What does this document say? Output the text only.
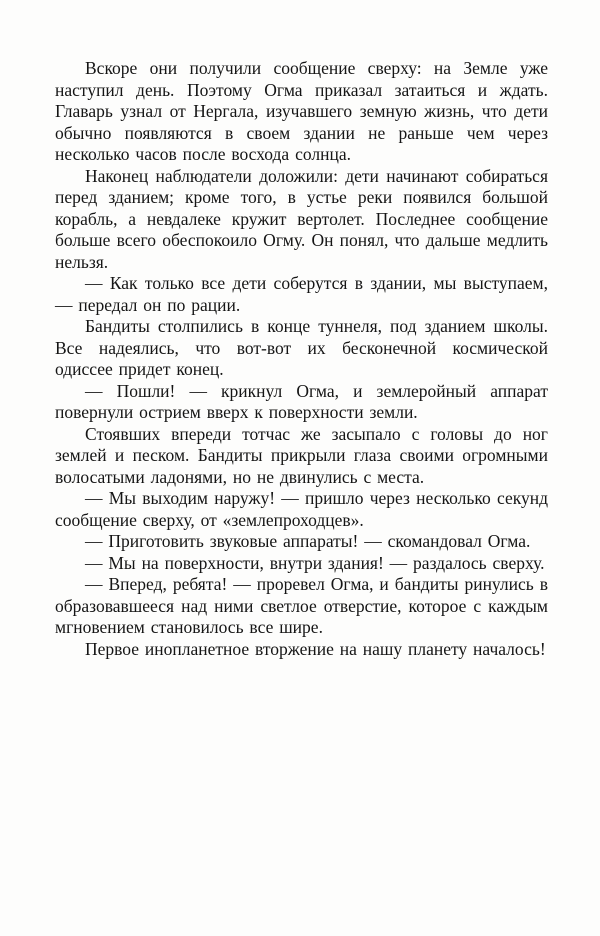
Вскоре они получили сообщение сверху: на Земле уже наступил день. Поэтому Огма приказал затаиться и ждать. Главарь узнал от Нергала, изучавшего земную жизнь, что дети обычно появляются в своем здании не раньше чем через несколько часов после восхода солнца.

Наконец наблюдатели доложили: дети начинают собираться перед зданием; кроме того, в устье реки появился большой корабль, а невдалеке кружит вертолет. Последнее сообщение больше всего обеспокоило Огму. Он понял, что дальше медлить нельзя.

— Как только все дети соберутся в здании, мы выступаем,— передал он по рации.

Бандиты столпились в конце туннеля, под зданием школы. Все надеялись, что вот-вот их бесконечной космической одиссее придет конец.

— Пошли! — крикнул Огма, и землеройный аппарат повернули острием вверх к поверхности земли.

Стоявших впереди тотчас же засыпало с головы до ног землей и песком. Бандиты прикрыли глаза своими огромными волосатыми ладонями, но не двинулись с места.

— Мы выходим наружу! — пришло через несколько секунд сообщение сверху, от «землепроходцев».

— Приготовить звуковые аппараты! — скомандовал Огма.

— Мы на поверхности, внутри здания! — раздалось сверху.

— Вперед, ребята! — проревел Огма, и бандиты ринулись в образовавшееся над ними светлое отверстие, которое с каждым мгновением становилось все шире.

Первое инопланетное вторжение на нашу планету началось!
